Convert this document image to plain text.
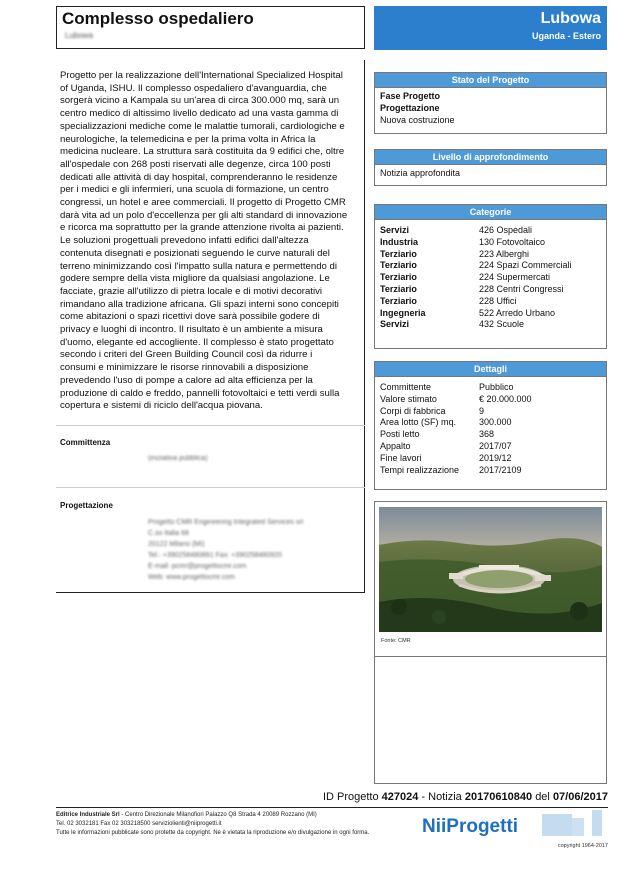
Complesso ospedaliero
Lubowa
Lubowa
Uganda - Estero
Progetto per la realizzazione dell'International Specialized Hospital
of Uganda, ISHU. Il complesso ospedaliero d'avanguardia, che
sorgerà vicino a Kampala su un'area di circa 300.000 mq, sarà un
centro medico di altissimo livello dedicato ad una vasta gamma di
specializzazioni mediche come le malattie tumorali, cardiologiche e
neurologiche, la telemedicina e per la prima volta in Africa la
medicina nucleare. La struttura sarà costituita da 9 edifici che, oltre
all'ospedale con 268 posti riservati alle degenze, circa 100 posti
dedicati alle attività di day hospital, comprenderanno le residenze
per i medici e gli infermieri, una scuola di formazione, un centro
congressi, un hotel e aree commerciali. Il progetto di Progetto CMR
darà vita ad un polo d'eccellenza per gli alti standard di innovazione
e ricorca ma soprattutto per la grande attenzione rivolta ai pazienti.
Le soluzioni progettuali prevedono infatti edifici dall'altezza
contenuta disegnati e posizionati seguendo le curve naturali del
terreno minimizzando così l'impatto sulla natura e permettendo di
godere sempre della vista migliore da qualsiasi angolazione. Le
facciate, grazie all'utilizzo di pietra locale e di motivi decorativi
rimandano alla tradizione africana. Gli spazi interni sono concepiti
come abitazioni o spazi ricettivi dove sarà possibile godere di
privacy e luoghi di incontro. Il risultato è un ambiente a misura
d'uomo, elegante ed accogliente. Il complesso è stato progettato
secondo i criteri del Green Building Council così da ridurre i
consumi e minimizzare le risorse rinnovabili a disposizione
prevedendo l'uso di pompe a calore ad alta efficienza per la
produzione di caldo e freddo, pannelli fotovoltaici e tetti verdi sulla
copertura e sistemi di riciclo dell'acqua piovana.
Committenza
(iniziativa pubblica)
Progettazione
Progetto CMR Engineering Integrated Services srl
C.so Italia 68
20122 Milano (MI)
Tel.: +390258480891 Fax: +390258480920
E-mail: pcmr@progettocmr.com
Web: www.progettocmr.com
Stato del Progetto
Fase Progetto
Progettazione
Nuova costruzione
Livello di approfondimento
Notizia approfondita
Categorie
Servizi	426 Ospedali
Industria	130 Fotovoltaico
Terziario	223 Alberghi
Terziario	224 Spazi Commerciali
Terziario	224 Supermercati
Terziario	228 Centri Congressi
Terziario	228 Uffici
Ingegneria	522 Arredo Urbano
Servizi	432 Scuole
Dettagli
Committente	Pubblico
Valore stimato	€ 20.000.000
Corpi di fabbrica	9
Area lotto (SF) mq.	300.000
Posti letto	368
Appalto	2017/07
Fine lavori	2019/12
Tempi realizzazione	2017/2109
Fonte: CMR
ID Progetto 427024 - Notizia 20170610840 del 07/06/2017
Editrice Industriale Srl - Centro Direzionale Milanofiori Palazzo Q8 Strada 4 20089 Rozzano (MI)
Tel. 02 3032181 Fax 02 303218500 serviziolienti@niiprogetti.it
Tutte le informazioni pubblicate sono protette da copyright. Ne è vietata la riproduzione e/o divulgazione in ogni forma.	NiiProgetti
copyright 1964-2017
